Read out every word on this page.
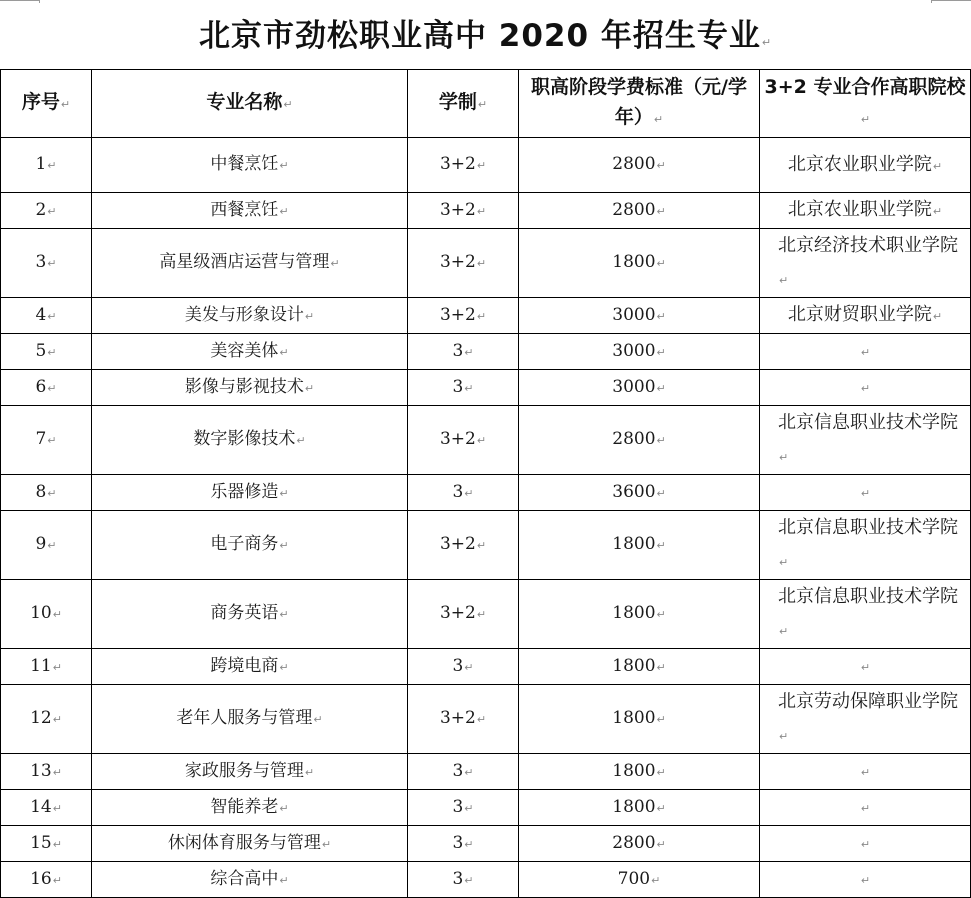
北京市劲松职业高中 2020 年招生专业↵
序号↵	专业名称↵	学制↵	职高阶段学费标准（元/学年）↵	3+2 专业合作高职院校↵
1↵	中餐烹饪↵	3+2↵	2800↵	北京农业职业学院↵
2↵	西餐烹饪↵	3+2↵	2800↵	北京农业职业学院↵
3↵	高星级酒店运营与管理↵	3+2↵	1800↵	北京经济技术职业学院↵
4↵	美发与形象设计↵	3+2↵	3000↵	北京财贸职业学院↵
5↵	美容美体↵	3↵	3000↵	↵
6↵	影像与影视技术↵	3↵	3000↵	↵
7↵	数字影像技术↵	3+2↵	2800↵	北京信息职业技术学院↵
8↵	乐器修造↵	3↵	3600↵	↵
9↵	电子商务↵	3+2↵	1800↵	北京信息职业技术学院↵
10↵	商务英语↵	3+2↵	1800↵	北京信息职业技术学院↵
11↵	跨境电商↵	3↵	1800↵	↵
12↵	老年人服务与管理↵	3+2↵	1800↵	北京劳动保障职业学院↵
13↵	家政服务与管理↵	3↵	1800↵	↵
14↵	智能养老↵	3↵	1800↵	↵
15↵	休闲体育服务与管理↵	3↵	2800↵	↵
16↵	综合高中↵	3↵	700↵	↵
